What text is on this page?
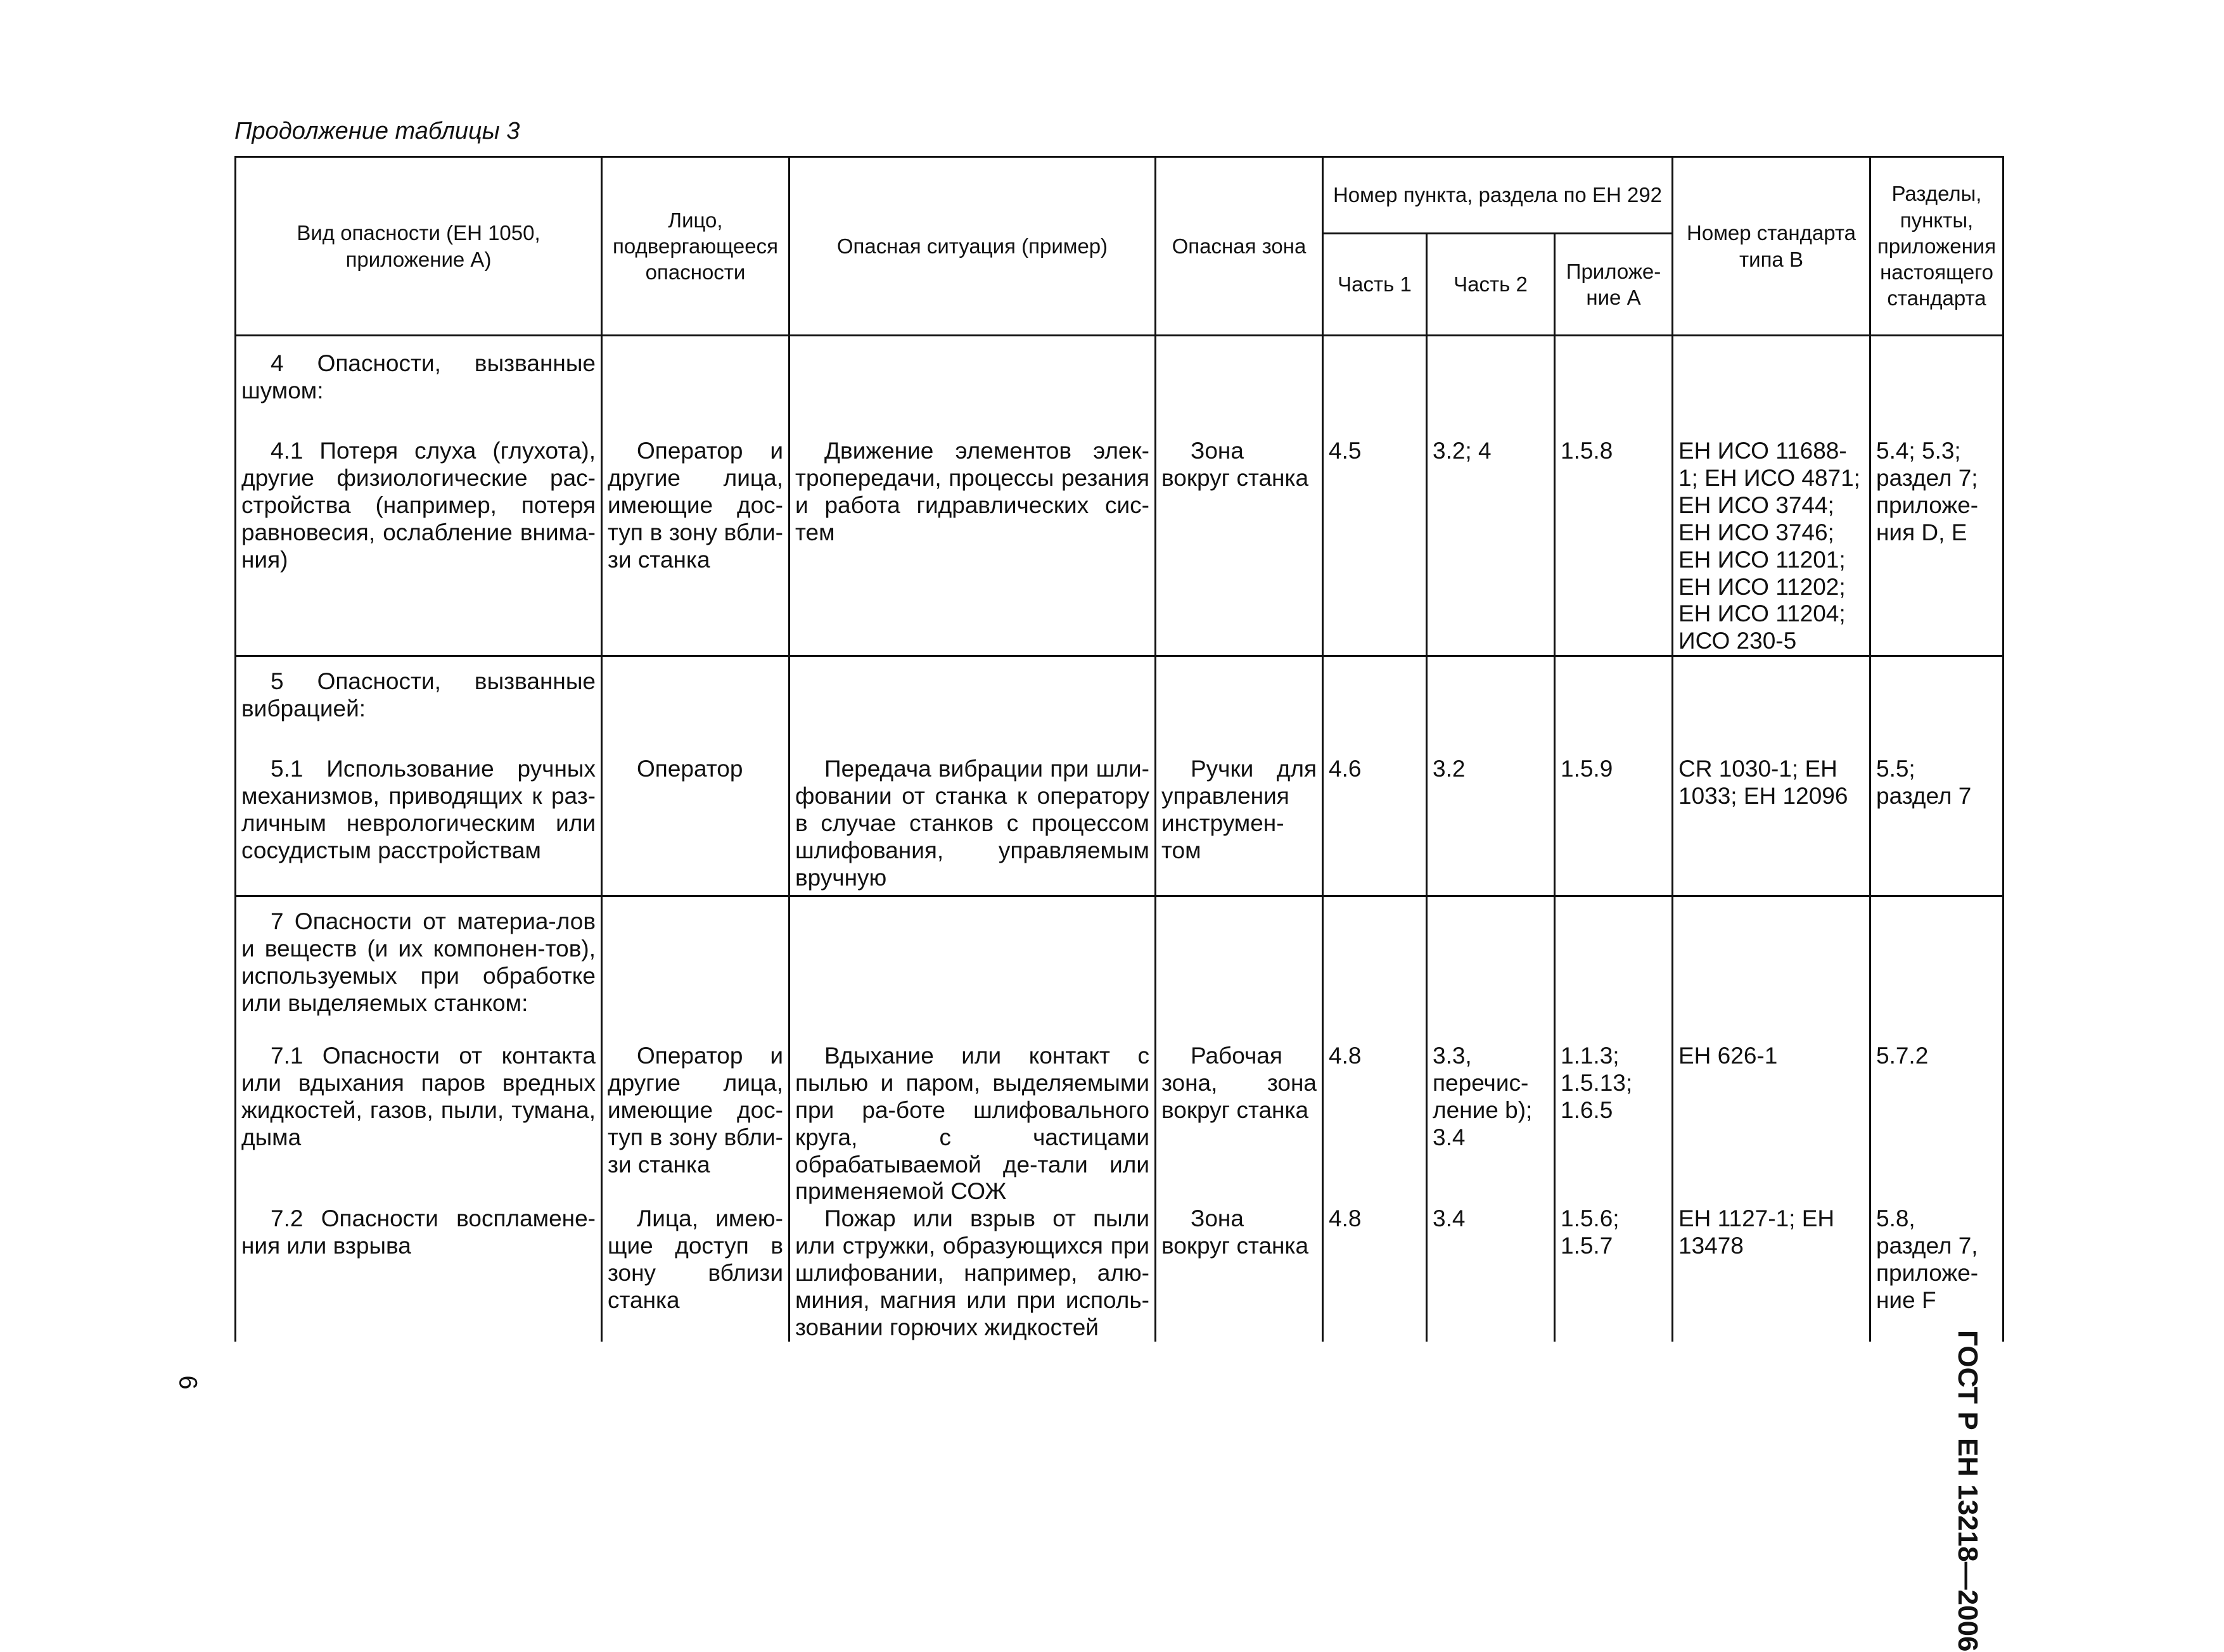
Продолжение таблицы 3
Вид опасности (ЕН 1050, приложение А)	Лицо, подвергающееся опасности	Опасная ситуация (пример)	Опасная зона	Номер пункта, раздела по ЕН 292			Номер стандарта типа В	Разделы, пункты, приложения настоящего стандарта
				Часть 1	Часть 2	Приложе-ние А		

4 Опасности, вызванные шумом:								
4.1 Потеря слуха (глухота), другие физиологические рас-стройства (например, потеря равновесия, ослабление внима-ния)	Оператор и другие лица, имеющие дос-туп в зону вбли-зи станка	Движение элементов элек-тропередачи, процессы резания и работа гидравлических сис-тем	Зона вокруг станка	4.5	3.2; 4	1.5.8	ЕН ИСО 11688-1; ЕН ИСО 4871; ЕН ИСО 3744; ЕН ИСО 3746; ЕН ИСО 11201; ЕН ИСО 11202; ЕН ИСО 11204; ИСО 230-5	5.4; 5.3; раздел 7; приложе-ния D, Е
5 Опасности, вызванные вибрацией:								
5.1 Использование ручных механизмов, приводящих к раз-личным неврологическим или сосудистым расстройствам	Оператор	Передача вибрации при шли-фовании от станка к оператору в случае станков с процессом шлифования, управляемым вручную	Ручки для управления инструмен-том	4.6	3.2	1.5.9	CR 1030-1; ЕН 1033; ЕН 12096	5.5; раздел 7
7 Опасности от материа-лов и веществ (и их компонен-тов), используемых при обработке или выделяемых станком:								
7.1 Опасности от контакта или вдыхания паров вредных жидкостей, газов, пыли, тумана, дыма	Оператор и другие лица, имеющие дос-туп в зону вбли-зи станка	Вдыхание или контакт с пылью и паром, выделяемыми при ра-боте шлифовального круга, с частицами обрабатываемой де-тали или применяемой СОЖ	Рабочая зона, зона вокруг станка	4.8	3.3, перечис-ление b); 3.4	1.1.3; 1.5.13; 1.6.5	ЕН 626-1	5.7.2
7.2 Опасности воспламене-ния или взрыва	Лица, имею-щие доступ в зону вблизи станка	Пожар или взрыв от пыли или стружки, образующихся при шлифовании, например, алю-миния, магния или при исполь-зовании горючих жидкостей	Зона вокруг станка	4.8	3.4	1.5.6; 1.5.7	ЕН 1127-1; ЕН 13478	5.8, раздел 7, приложе-ние F
6	ГОСТ Р ЕН 13218—2006
